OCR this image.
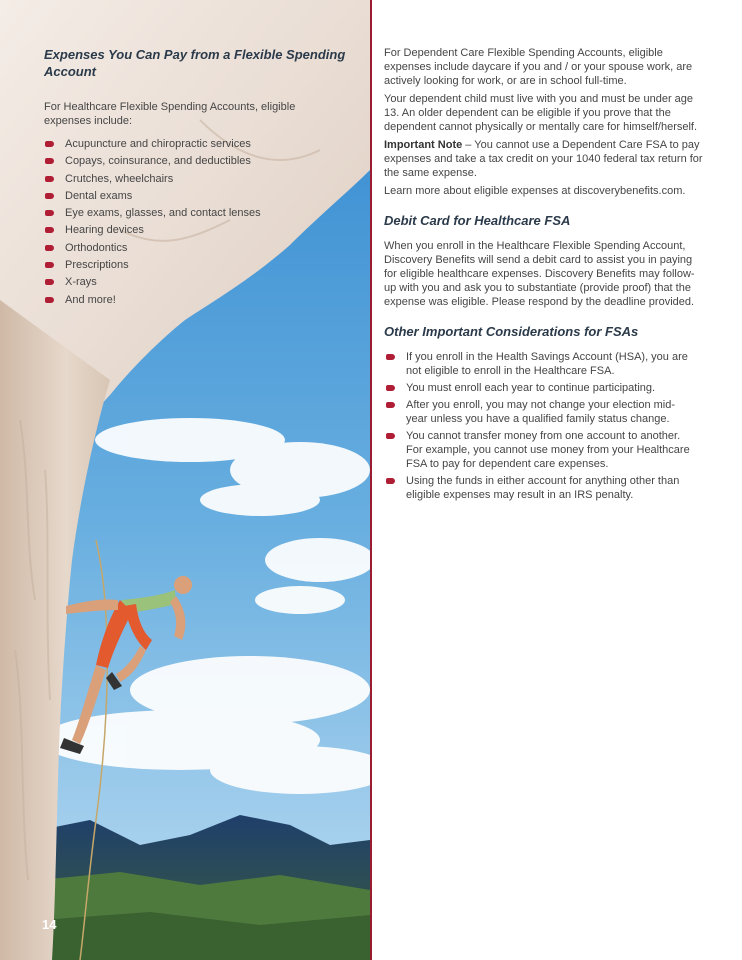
Expenses You Can Pay from a Flexible Spending Account

For Healthcare Flexible Spending Accounts, eligible expenses include:

Acupuncture and chiropractic services
Copays, coinsurance, and deductibles
Crutches, wheelchairs
Dental exams
Eye exams, glasses, and contact lenses
Hearing devices
Orthodontics
Prescriptions
X-rays
And more!
14

For Dependent Care Flexible Spending Accounts, eligible expenses include daycare if you and / or your spouse work, are actively looking for work, or are in school full-time.

Your dependent child must live with you and must be under age 13. An older dependent can be eligible if you prove that the dependent cannot physically or mentally care for himself/herself.

Important Note – You cannot use a Dependent Care FSA to pay expenses and take a tax credit on your 1040 federal tax return for the same expense.

Learn more about eligible expenses at discoverybenefits.com.

Debit Card for Healthcare FSA

When you enroll in the Healthcare Flexible Spending Account, Discovery Benefits will send a debit card to assist you in paying for eligible healthcare expenses. Discovery Benefits may follow-up with you and ask you to substantiate (provide proof) that the expense was eligible. Please respond by the deadline provided.

Other Important Considerations for FSAs
If you enroll in the Health Savings Account (HSA), you are not eligible to enroll in the Healthcare FSA.
You must enroll each year to continue participating.
After you enroll, you may not change your election mid-year unless you have a qualified family status change.
You cannot transfer money from one account to another. For example, you cannot use money from your Healthcare FSA to pay for dependent care expenses.
Using the funds in either account for anything other than eligible expenses may result in an IRS penalty.
